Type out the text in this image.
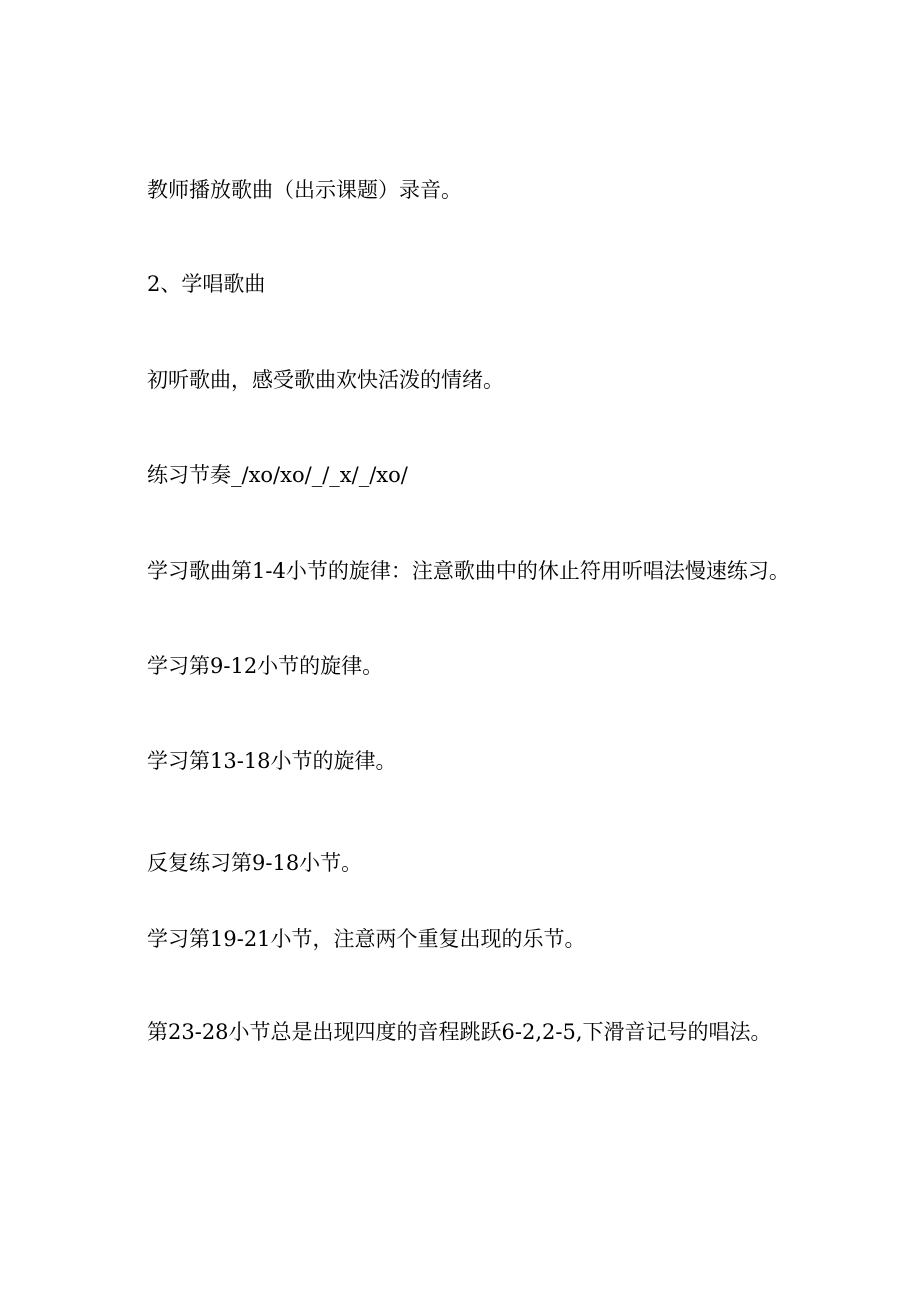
教师播放歌曲（出示课题）录音。

2、学唱歌曲

初听歌曲，感受歌曲欢快活泼的情绪。

练习节奏_/xo/xo/_/_x/_/xo/

学习歌曲第1-4小节的旋律：注意歌曲中的休止符用听唱法慢速练习。

学习第9-12小节的旋律。

学习第13-18小节的旋律。

反复练习第9-18小节。

学习第19-21小节，注意两个重复出现的乐节。

第23-28小节总是出现四度的音程跳跃6-2,2-5,下滑音记号的唱法。
